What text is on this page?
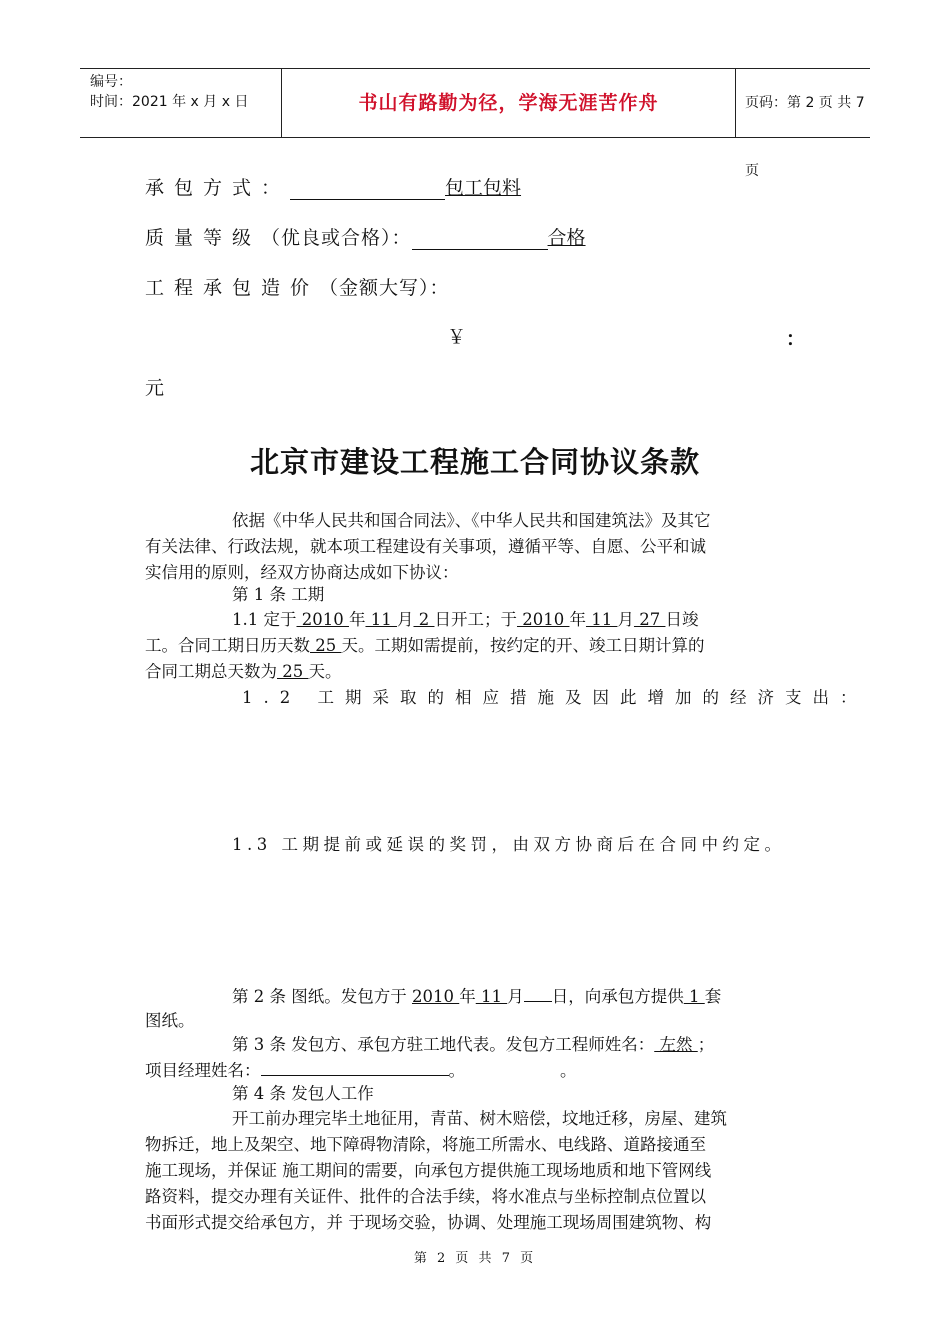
编号：
时间：2021 年 x 月 x 日	书山有路勤为径，学海无涯苦作舟	页码：第 2 页 共 7 页
承包方式：	包工包料
质量等级（优良或合格）：	合格
工程承包造价（金额大写）：
￥	：
元
北京市建设工程施工合同协议条款
依据《中华人民共和国合同法》、《中华人民共和国建筑法》及其它
有关法律、行政法规，就本项工程建设有关事项，遵循平等、自愿、公平和诚
实信用的原则，经双方协商达成如下协议：
第 1 条 工期
1.1 定于 2010 年 11 月 2 日开工；于 2010 年 11 月 27 日竣
工。合同工期日历天数 25 天。工期如需提前，按约定的开、竣工日期计算的
合同工期总天数为 25 天。
1.2 工期采取的相应措施及因此增加的经济支出：
1.3 工期提前或延误的奖罚，由双方协商后在合同中约定。
第 2 条 图纸。发包方于 2010 年 11 月 日，向承包方提供 1 套
图纸。
第 3 条 发包方、承包方驻工地代表。发包方工程师姓名： 左然 ；
项目经理姓名：	。	。
第 4 条 发包人工作
开工前办理完毕土地征用，青苗、树木赔偿，坟地迁移，房屋、建筑
物拆迁，地上及架空、地下障碍物清除，将施工所需水、电线路、道路接通至
施工现场，并保证 施工期间的需要，向承包方提供施工现场地质和地下管网线
路资料，提交办理有关证件、批件的合法手续，将水准点与坐标控制点位置以
书面形式提交给承包方，并 于现场交验，协调、处理施工现场周围建筑物、构
第 2 页 共 7 页
